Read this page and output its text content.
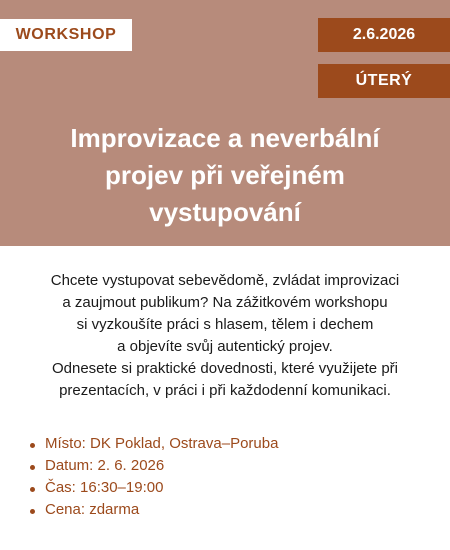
WORKSHOP	2.6.2026
ÚTERÝ
Improvizace a neverbální
projev při veřejném
vystupování
Chcete vystupovat sebevědomě, zvládat improvizaci
a zaujmout publikum? Na zážitkovém workshopu
si vyzkoušíte práci s hlasem, tělem i dechem
a objevíte svůj autentický projev.
Odnesete si praktické dovednosti, které využijete při
prezentacích, v práci i při každodenní komunikaci.
Místo: DK Poklad, Ostrava–Poruba
Datum: 2. 6. 2026
Čas: 16:30–19:00
Cena: zdarma
